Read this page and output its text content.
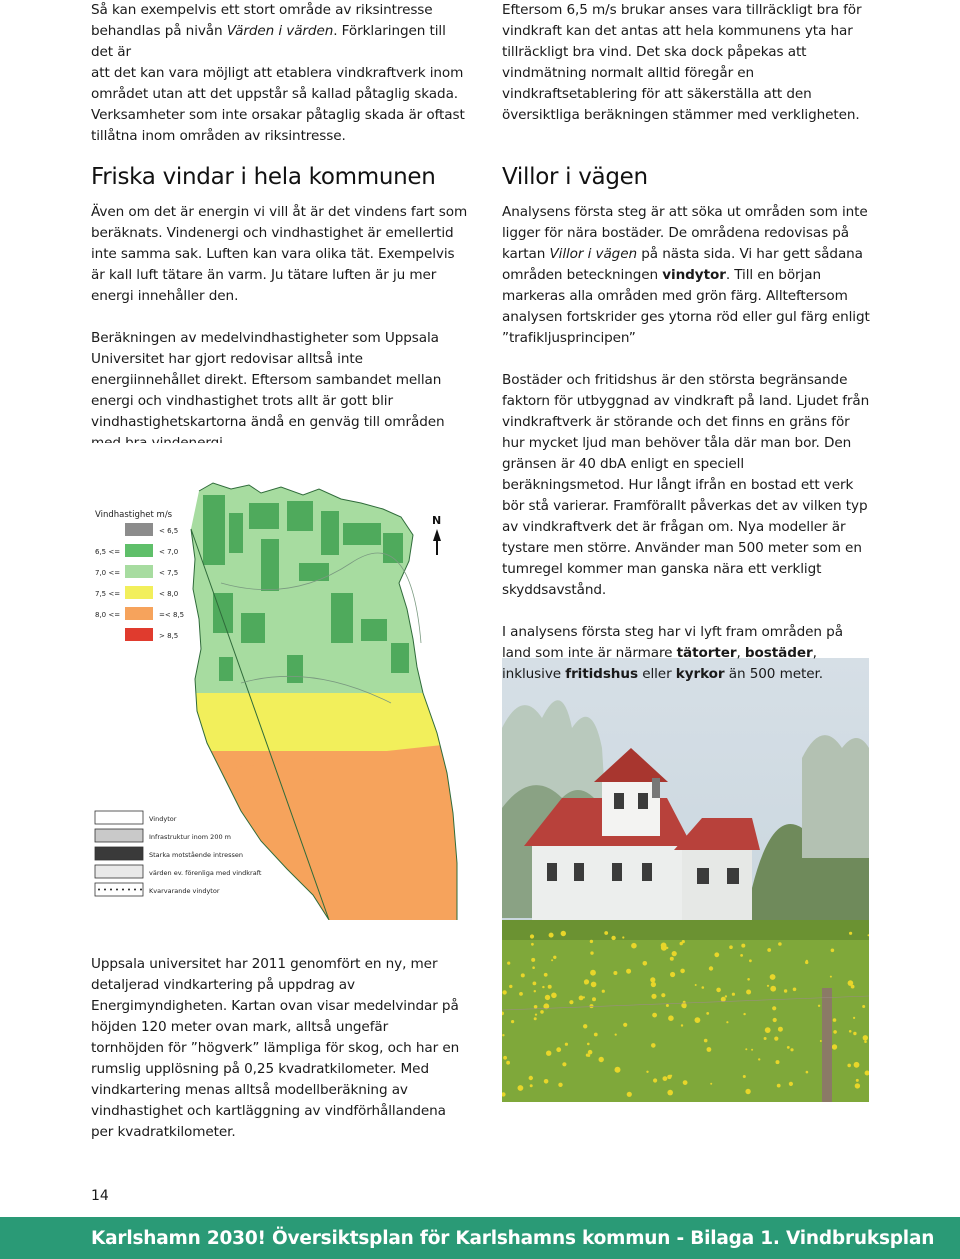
Så kan exempelvis ett stort område av riksintresse
behandlas på nivån Värden i värden. Förklaringen till det är
att det kan vara möjligt att etablera vindkraftverk inom
området utan att det uppstår så kallad påtaglig skada.
Verksamheter som inte orsakar påtaglig skada är oftast
tillåtna inom områden av riksintresse.

Eftersom 6,5 m/s brukar anses vara tillräckligt bra för vindkraft kan det antas att hela kommunens yta har tillräckligt bra vind. Det ska dock påpekas att vindmätning normalt alltid föregår en vindkraftsetablering för att säkerställa att den översiktliga beräkningen stämmer med verkligheten.

Friska vindar i hela kommunen

Även om det är energin vi vill åt är det vindens fart som beräknats. Vindenergi och vindhastighet är emellertid inte samma sak. Luften kan vara olika tät. Exempelvis är kall luft tätare än varm. Ju tätare luften är ju mer energi innehåller den.

Beräkningen av medelvindhastigheter som Uppsala Universitet har gjort redovisar alltså inte energiinnehållet direkt. Eftersom sambandet mellan energi och vindhastighet trots allt är gott blir vindhastighetskartorna ändå en genväg till områden

Vindhastighet m/s
< 6,5
6,5 <=	< 7,0
7,0 <=	< 7,5
7,5 <=	< 8,0
8,0 <=	=< 8,5
> 8,5
N
Vindytor
Infrastruktur inom 200 m
Starka motstående intressen
värden ev. förenliga med vindkraft
Kvarvarande vindytor

Uppsala universitet har 2011 genomfört en ny, mer detaljerad vindkartering på uppdrag av Energimyndigheten. Kartan ovan visar medelvindar på höjden 120 meter ovan mark, alltså ungefär tornhöjden för ”högverk” lämpliga för skog, och har en rumslig upplösning på 0,25 kvadratkilometer. Med vindkartering menas alltså modellberäkning av vindhastighet och kartläggning av vindförhållandena per kvadratkilometer.

Villor i vägen

Analysens första steg är att söka ut områden som inte ligger för nära bostäder. De områdena redovisas på kartan Villor i vägen på nästa sida. Vi har gett sådana områden beteckningen vindytor. Till en början markeras alla områden med grön färg. Allteftersom analysen fortskrider ges ytorna röd eller gul färg enligt ”trafikljusprincipen”

Bostäder och fritidshus är den största begränsande faktorn för utbyggnad av vindkraft på land. Ljudet från vindkraftverk är störande och det finns en gräns för hur mycket ljud man behöver tåla där man bor. Den gränsen är 40 dbA enligt en speciell beräkningsmetod. Hur långt ifrån en bostad ett verk bör stå varierar. Framförallt påverkas det av vilken typ av vindkraftverk det är frågan om. Nya modeller är tystare men större. Använder man 500 meter som en tumregel kommer man ganska nära ett verkligt skyddsavstånd.

I analysens första steg har vi lyft fram områden på land som inte är närmare tätorter, bostäder, inklusive fritidshus eller kyrkor än 500 meter.

14
Karlshamn 2030! Översiktsplan för Karlshamns kommun - Bilaga 1. Vindbruksplan
